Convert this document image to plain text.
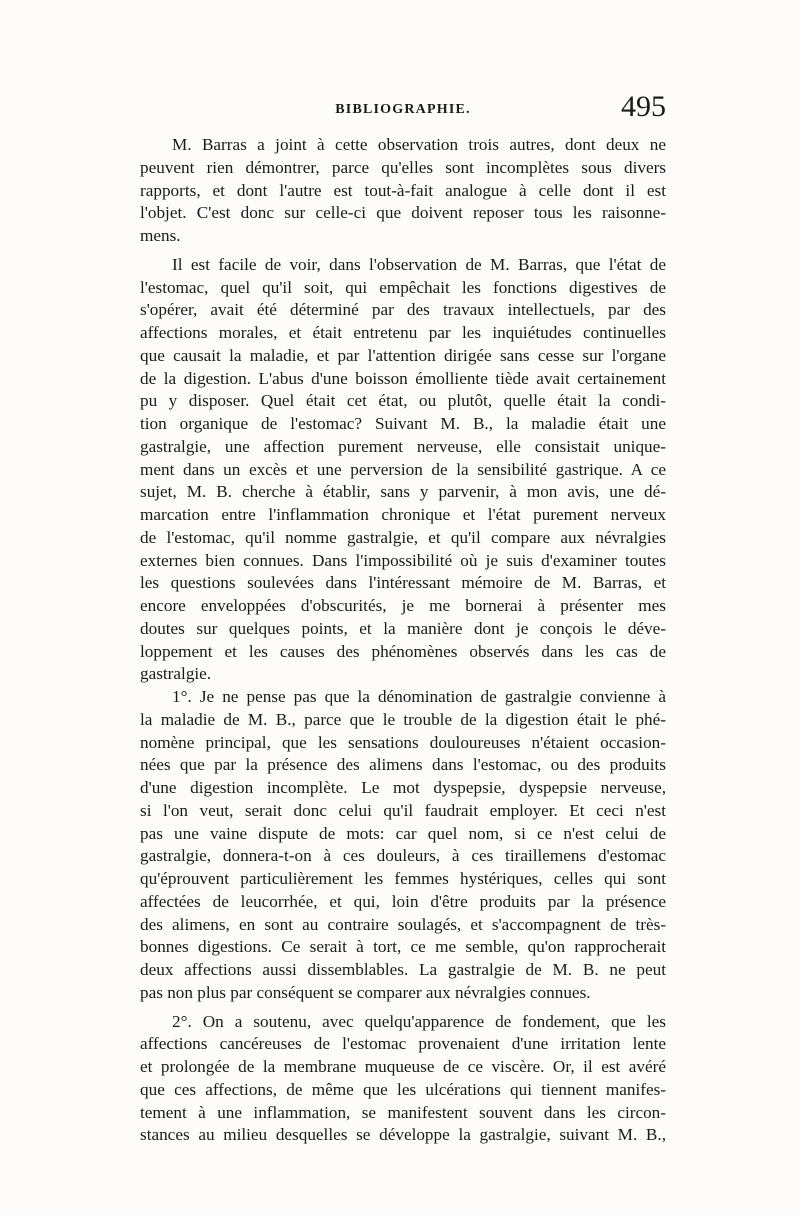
BIBLIOGRAPHIE.	495
M. Barras a joint à cette observation trois autres, dont deux ne
peuvent rien démontrer, parce qu'elles sont incomplètes sous divers
rapports, et dont l'autre est tout-à-fait analogue à celle dont il est
l'objet. C'est donc sur celle-ci que doivent reposer tous les raisonne-
mens.
Il est facile de voir, dans l'observation de M. Barras, que l'état de
l'estomac, quel qu'il soit, qui empêchait les fonctions digestives de
s'opérer, avait été déterminé par des travaux intellectuels, par des
affections morales, et était entretenu par les inquiétudes continuelles
que causait la maladie, et par l'attention dirigée sans cesse sur l'organe
de la digestion. L'abus d'une boisson émolliente tiède avait certainement
pu y disposer. Quel était cet état, ou plutôt, quelle était la condi-
tion organique de l'estomac? Suivant M. B., la maladie était une
gastralgie, une affection purement nerveuse, elle consistait unique-
ment dans un excès et une perversion de la sensibilité gastrique. A ce
sujet, M. B. cherche à établir, sans y parvenir, à mon avis, une dé-
marcation entre l'inflammation chronique et l'état purement nerveux
de l'estomac, qu'il nomme gastralgie, et qu'il compare aux névralgies
externes bien connues. Dans l'impossibilité où je suis d'examiner toutes
les questions soulevées dans l'intéressant mémoire de M. Barras, et
encore enveloppées d'obscurités, je me bornerai à présenter mes
doutes sur quelques points, et la manière dont je conçois le déve-
loppement et les causes des phénomènes observés dans les cas de
gastralgie.
1°. Je ne pense pas que la dénomination de gastralgie convienne à
la maladie de M. B., parce que le trouble de la digestion était le phé-
nomène principal, que les sensations douloureuses n'étaient occasion-
nées que par la présence des alimens dans l'estomac, ou des produits
d'une digestion incomplète. Le mot dyspepsie, dyspepsie nerveuse,
si l'on veut, serait donc celui qu'il faudrait employer. Et ceci n'est
pas une vaine dispute de mots: car quel nom, si ce n'est celui de
gastralgie, donnera-t-on à ces douleurs, à ces tiraillemens d'estomac
qu'éprouvent particulièrement les femmes hystériques, celles qui sont
affectées de leucorrhée, et qui, loin d'être produits par la présence
des alimens, en sont au contraire soulagés, et s'accompagnent de très-
bonnes digestions. Ce serait à tort, ce me semble, qu'on rapprocherait
deux affections aussi dissemblables. La gastralgie de M. B. ne peut
pas non plus par conséquent se comparer aux névralgies connues.
2°. On a soutenu, avec quelqu'apparence de fondement, que les
affections cancéreuses de l'estomac provenaient d'une irritation lente
et prolongée de la membrane muqueuse de ce viscère. Or, il est avéré
que ces affections, de même que les ulcérations qui tiennent manifes-
tement à une inflammation, se manifestent souvent dans les circon-
stances au milieu desquelles se développe la gastralgie, suivant M. B.,
